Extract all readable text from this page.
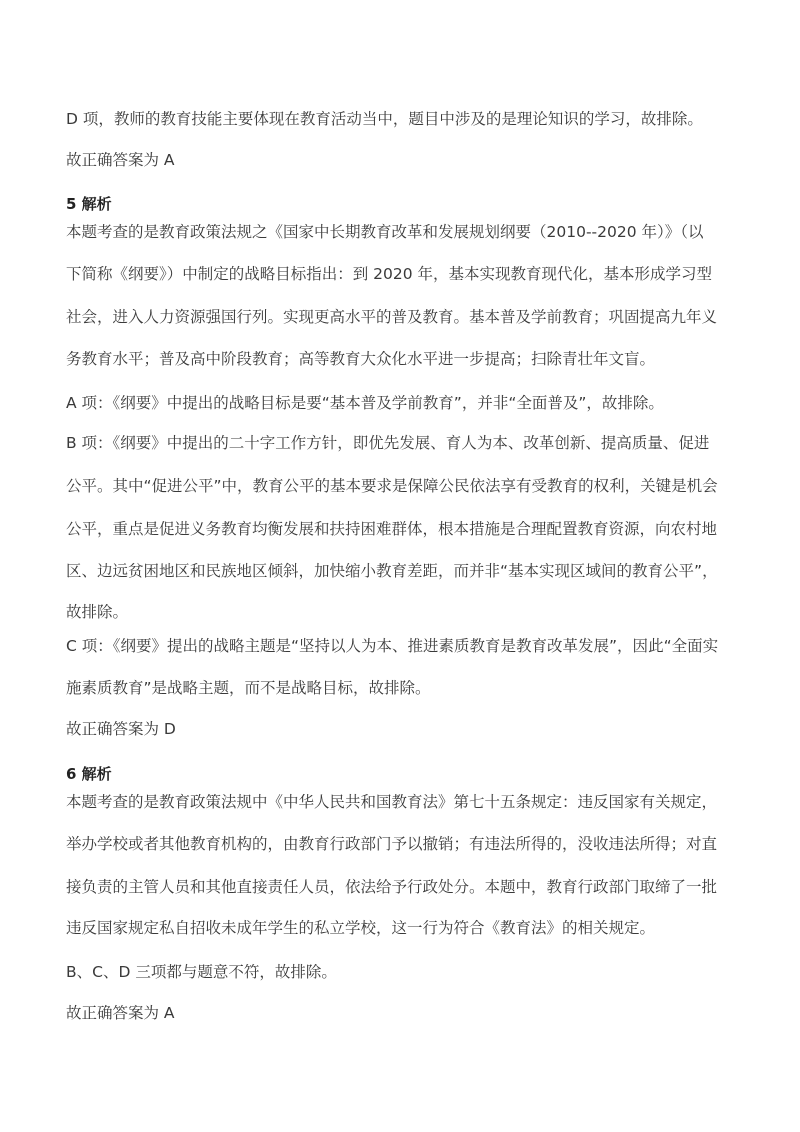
D 项，教师的教育技能主要体现在教育活动当中，题目中涉及的是理论知识的学习，故排除。
故正确答案为 A
5 解析
本题考查的是教育政策法规之《国家中长期教育改革和发展规划纲要（2010--2020 年）》（以
下简称《纲要》）中制定的战略目标指出：到 2020 年，基本实现教育现代化，基本形成学习型
社会，进入人力资源强国行列。实现更高水平的普及教育。基本普及学前教育；巩固提高九年义
务教育水平；普及高中阶段教育；高等教育大众化水平进一步提高；扫除青壮年文盲。
A 项：《纲要》中提出的战略目标是要“基本普及学前教育”，并非“全面普及”，故排除。
B 项：《纲要》中提出的二十字工作方针，即优先发展、育人为本、改革创新、提高质量、促进
公平。其中“促进公平”中，教育公平的基本要求是保障公民依法享有受教育的权利，关键是机会
公平，重点是促进义务教育均衡发展和扶持困难群体，根本措施是合理配置教育资源，向农村地
区、边远贫困地区和民族地区倾斜，加快缩小教育差距，而并非“基本实现区域间的教育公平”，
故排除。
C 项：《纲要》提出的战略主题是“坚持以人为本、推进素质教育是教育改革发展”，因此“全面实
施素质教育”是战略主题，而不是战略目标，故排除。
故正确答案为 D
6 解析
本题考查的是教育政策法规中《中华人民共和国教育法》第七十五条规定：违反国家有关规定，
举办学校或者其他教育机构的，由教育行政部门予以撤销；有违法所得的，没收违法所得；对直
接负责的主管人员和其他直接责任人员，依法给予行政处分。本题中，教育行政部门取缔了一批
违反国家规定私自招收未成年学生的私立学校，这一行为符合《教育法》的相关规定。
B、C、D 三项都与题意不符，故排除。
故正确答案为 A
